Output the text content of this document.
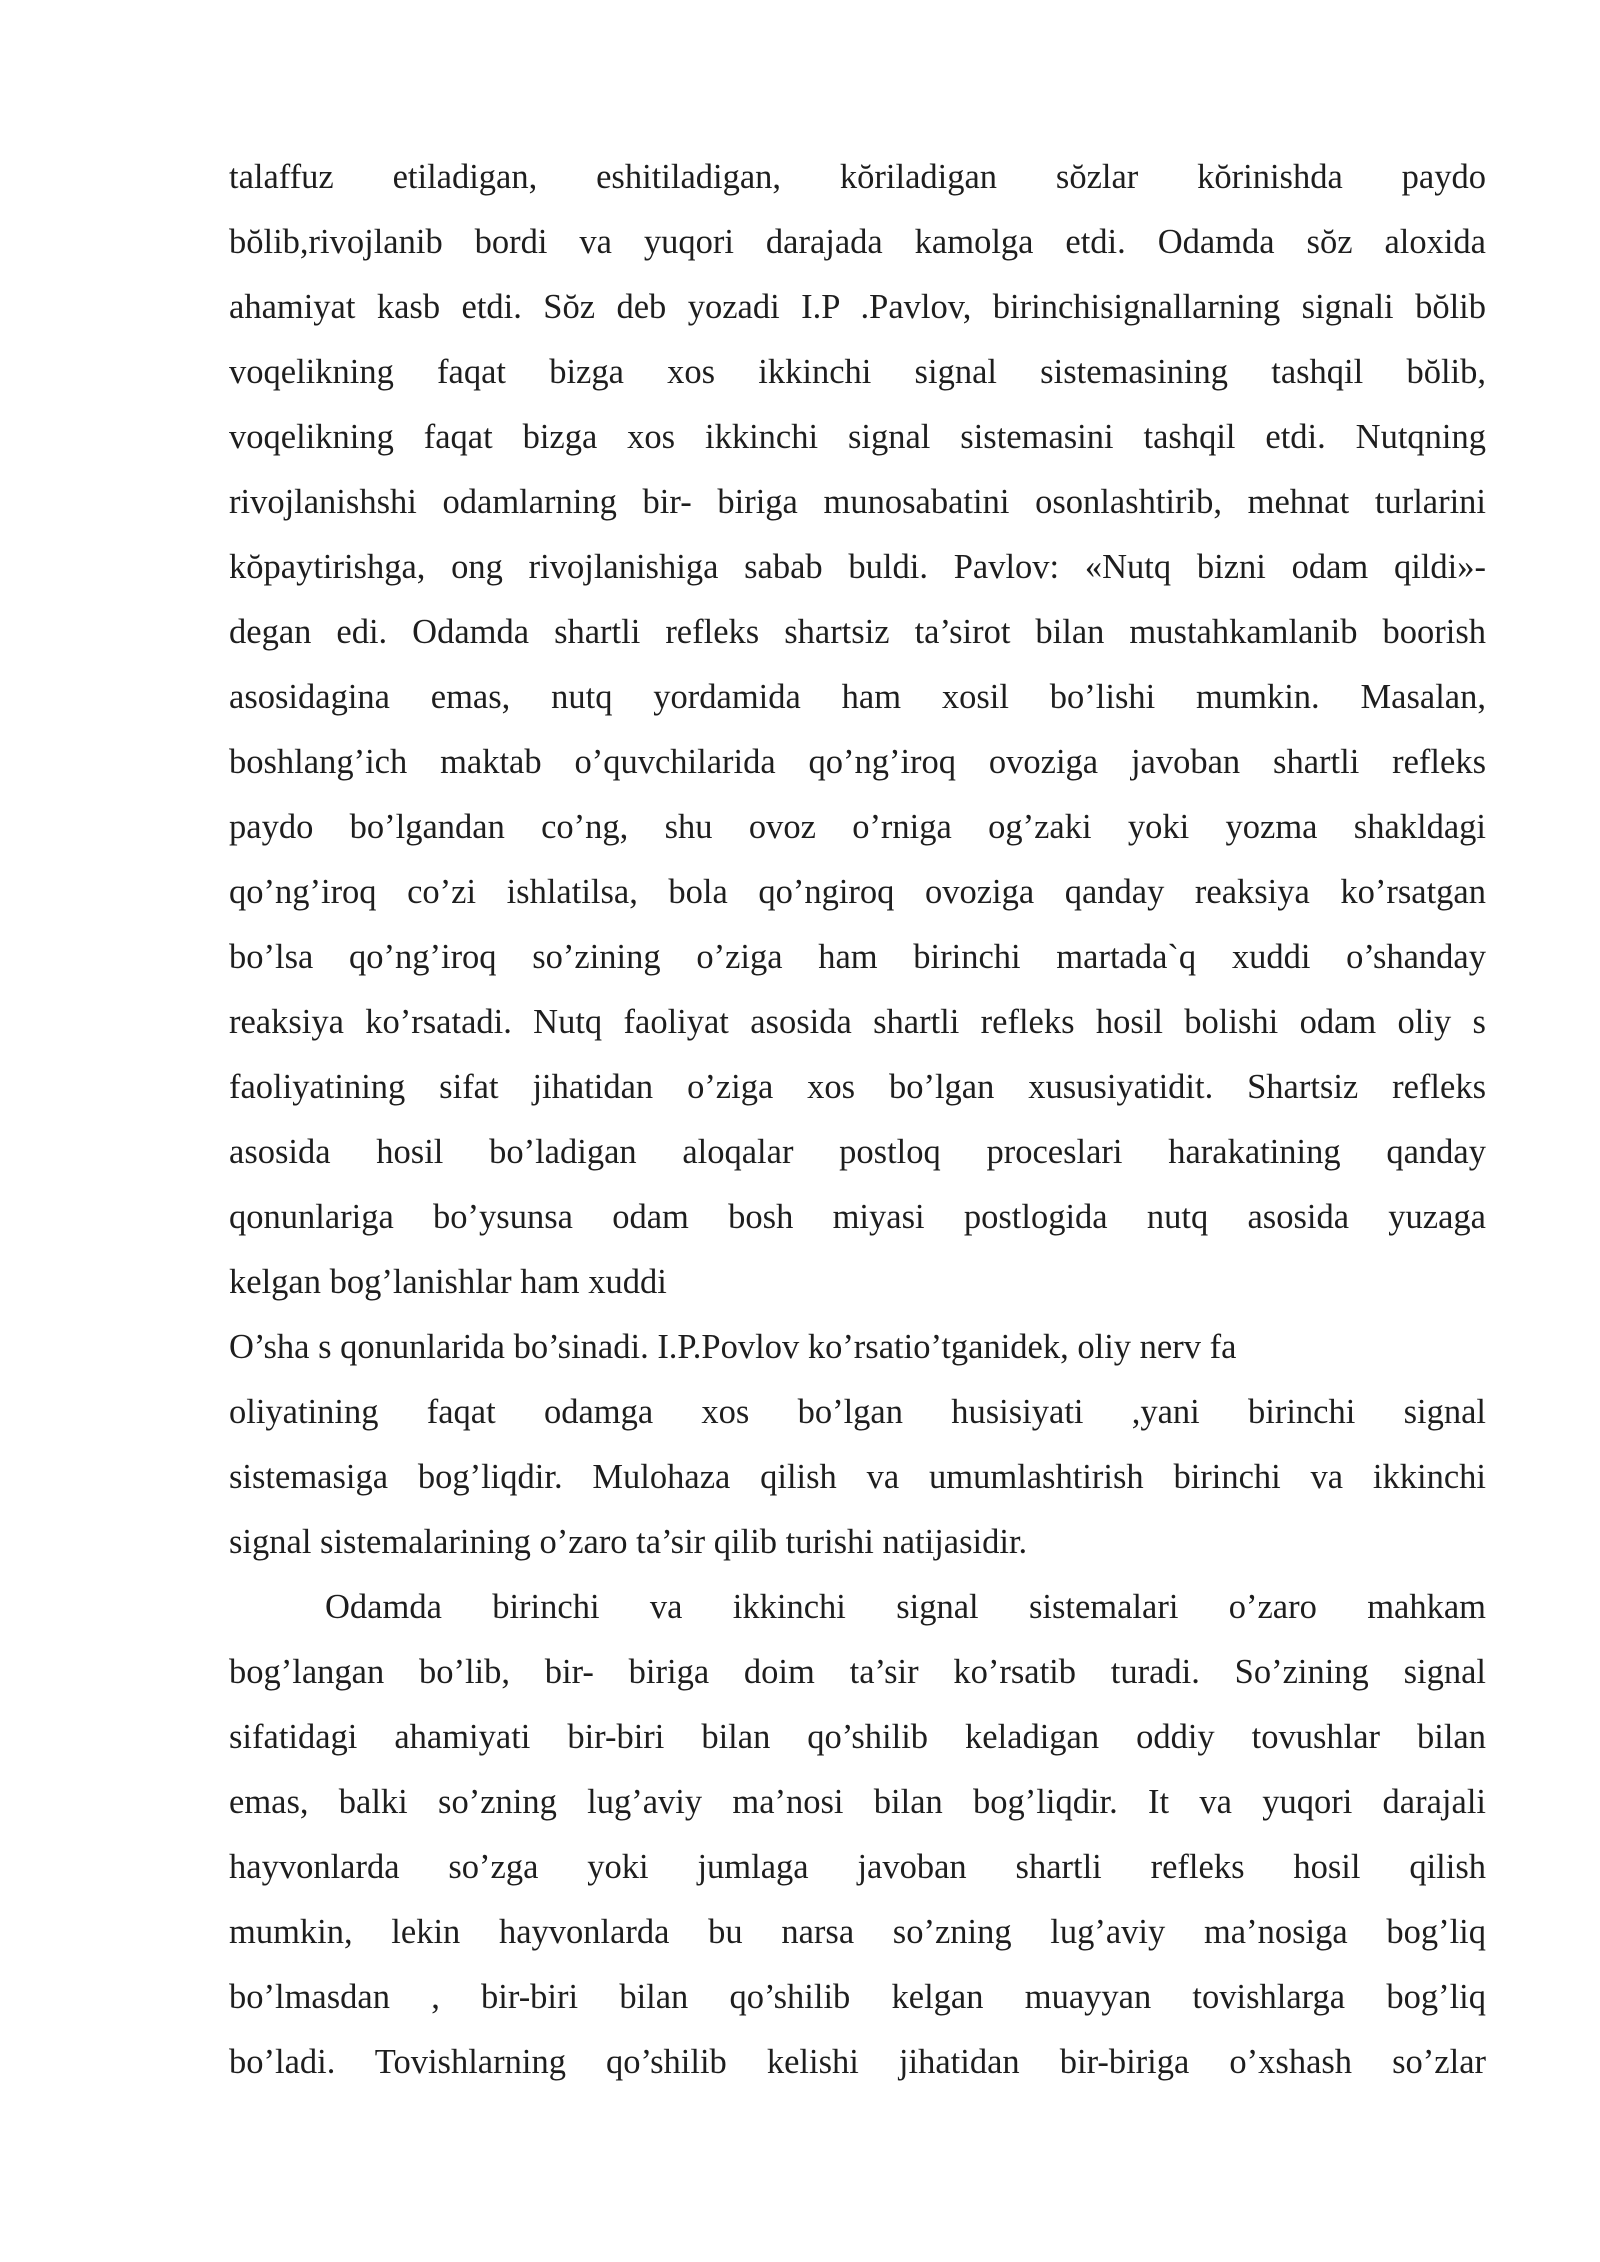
talaffuz etiladigan, eshitiladigan, kŏriladigan sŏzlar kŏrinishda paydo
bŏlib,rivojlanib bordi va yuqori darajada kamolga etdi. Odamda sŏz aloxida
ahamiyat kasb etdi. Sŏz deb yozadi I.P .Pavlov, birinchisignallarning signali bŏlib
voqelikning faqat bizga xos ikkinchi signal sistemasining tashqil bŏlib,
voqelikning faqat bizga xos ikkinchi signal sistemasini tashqil etdi. Nutqning
rivojlanishshi odamlarning bir- biriga munosabatini osonlashtirib, mehnat turlarini
kŏpaytirishga, ong rivojlanishiga sabab buldi. Pavlov: «Nutq bizni odam qildi»-
degan edi. Odamda shartli refleks shartsiz ta’sirot bilan mustahkamlanib boorish
asosidagina emas, nutq yordamida ham xosil bo’lishi mumkin. Masalan,
boshlang’ich maktab o’quvchilarida qo’ng’iroq ovoziga javoban shartli refleks
paydo bo’lgandan co’ng, shu ovoz o’rniga og’zaki yoki yozma shakldagi
qo’ng’iroq co’zi ishlatilsa, bola qo’ngiroq ovoziga qanday reaksiya ko’rsatgan
bo’lsa qo’ng’iroq so’zining o’ziga ham birinchi martada`q xuddi o’shanday
reaksiya ko’rsatadi. Nutq faoliyat asosida shartli refleks hosil bolishi odam oliy s
faoliyatining sifat jihatidan o’ziga xos bo’lgan xususiyatidit. Shartsiz refleks
asosida hosil bo’ladigan aloqalar postloq proceslari harakatining qanday
qonunlariga bo’ysunsa odam bosh miyasi postlogida nutq asosida yuzaga
kelgan bog’lanishlar ham xuddi
O’sha s qonunlarida bo’sinadi. I.P.Povlov ko’rsatio’tganidek, oliy nerv fa
oliyatining faqat odamga xos bo’lgan husisiyati ,yani birinchi signal
sistemasiga bog’liqdir. Mulohaza qilish va umumlashtirish birinchi va ikkinchi
signal sistemalarining o’zaro ta’sir qilib turishi natijasidir.
Odamda birinchi va ikkinchi signal sistemalari o’zaro mahkam
bog’langan bo’lib, bir- biriga doim ta’sir ko’rsatib turadi. So’zining signal
sifatidagi ahamiyati bir-biri bilan qo’shilib keladigan oddiy tovushlar bilan
emas, balki so’zning lug’aviy ma’nosi bilan bog’liqdir. It va yuqori darajali
hayvonlarda so’zga yoki jumlaga javoban shartli refleks hosil qilish
mumkin, lekin hayvonlarda bu narsa so’zning lug’aviy ma’nosiga bog’liq
bo’lmasdan , bir-biri bilan qo’shilib kelgan muayyan tovishlarga bog’liq
bo’ladi. Tovishlarning qo’shilib kelishi jihatidan bir-biriga o’xshash so’zlar
